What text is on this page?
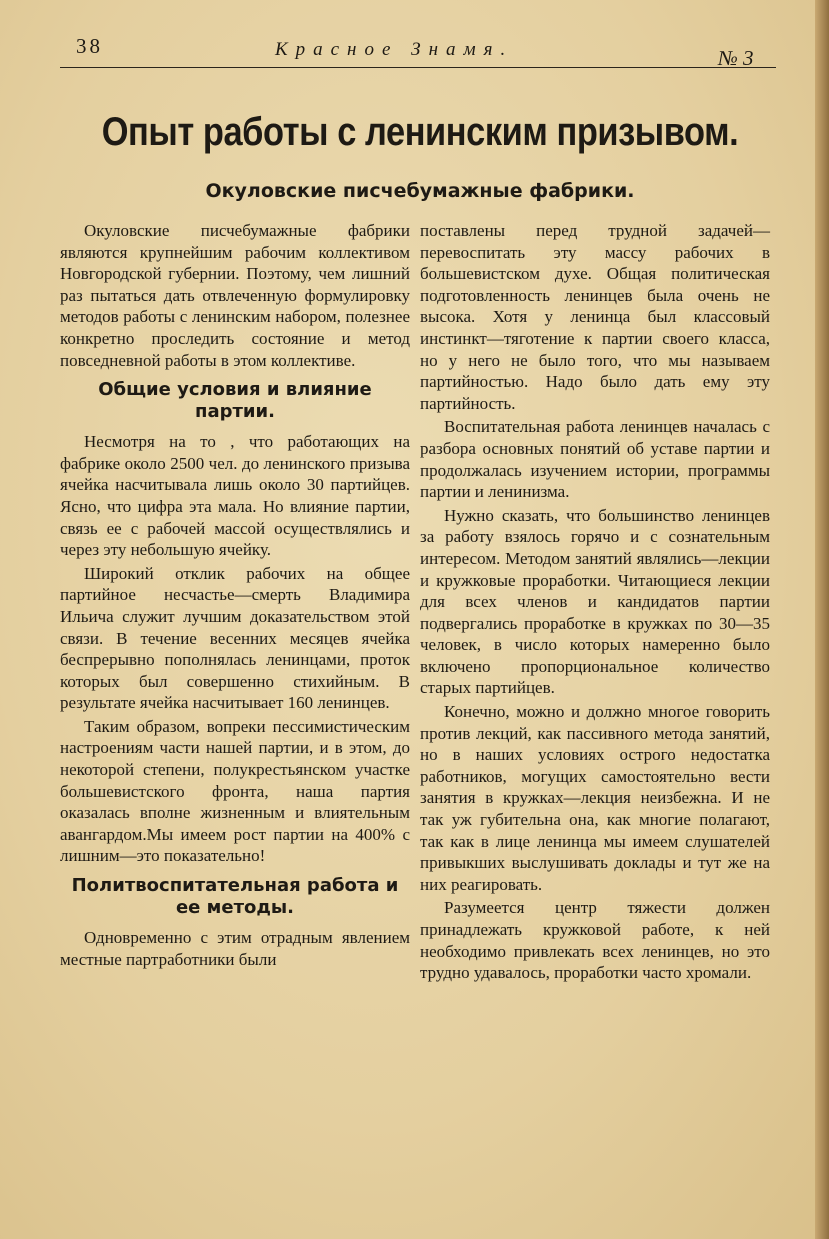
38	Красное Знамя.	№ 3
Опыт работы с ленинским призывом.
Окуловские писчебумажные фабрики.

Окуловские писчебумажные фабрики являются крупнейшим рабочим коллективом Новгородской губернии. Поэтому, чем лишний раз пытаться дать отвлеченную формулировку методов работы с ленинским набором, полезнее конкретно проследить состояние и метод повседневной работы в этом коллективе.

Общие условия и влияние партии.

Несмотря на то , что работающих на фабрике около 2500 чел. до ленинского призыва ячейка насчитывала лишь около 30 партийцев. Ясно, что цифра эта мала. Но влияние партии, связь ее с рабочей массой осуществлялись и через эту небольшую ячейку.

Широкий отклик рабочих на общее партийное несчастье—смерть Владимира Ильича служит лучшим доказательством этой связи. В течение весенних месяцев ячейка беспрерывно пополнялась ленинцами, проток которых был совершенно стихийным. В результате ячейка насчитывает 160 ленинцев.

Таким образом, вопреки пессимистическим настроениям части нашей партии, и в этом, до некоторой степени, полукрестьянском участке большевистского фронта, наша партия оказалась вполне жизненным и влиятельным авангардом.Мы имеем рост партии на 400% с лишним—это показательно!

Политвоспитательная работа и ее методы.

Одновременно с этим отрадным явлением местные партработники были

поставлены перед трудной задачей—перевоспитать эту массу рабочих в большевистском духе. Общая политическая подготовленность ленинцев была очень не высока. Хотя у ленинца был классовый инстинкт—тяготение к партии своего класса, но у него не было того, что мы называем партийностью. Надо было дать ему эту партийность.

Воспитательная работа ленинцев началась с разбора основных понятий об уставе партии и продолжалась изучением истории, программы партии и ленинизма.

Нужно сказать, что большинство ленинцев за работу взялось горячо и с сознательным интересом. Методом занятий являлись—лекции и кружковые проработки. Читающиеся лекции для всех членов и кандидатов партии подвергались проработке в кружках по 30—35 человек, в число которых намеренно было включено пропорциональное количество старых партийцев.

Конечно, можно и должно многое говорить против лекций, как пассивного метода занятий, но в наших условиях острого недостатка работников, могущих самостоятельно вести занятия в кружках—лекция неизбежна. И не так уж губительна она, как многие полагают, так как в лице ленинца мы имеем слушателей привыкших выслушивать доклады и тут же на них реагировать.

Разумеется центр тяжести должен принадлежать кружковой работе, к ней необходимо привлекать всех ленинцев, но это трудно удавалось, проработки часто хромали.
